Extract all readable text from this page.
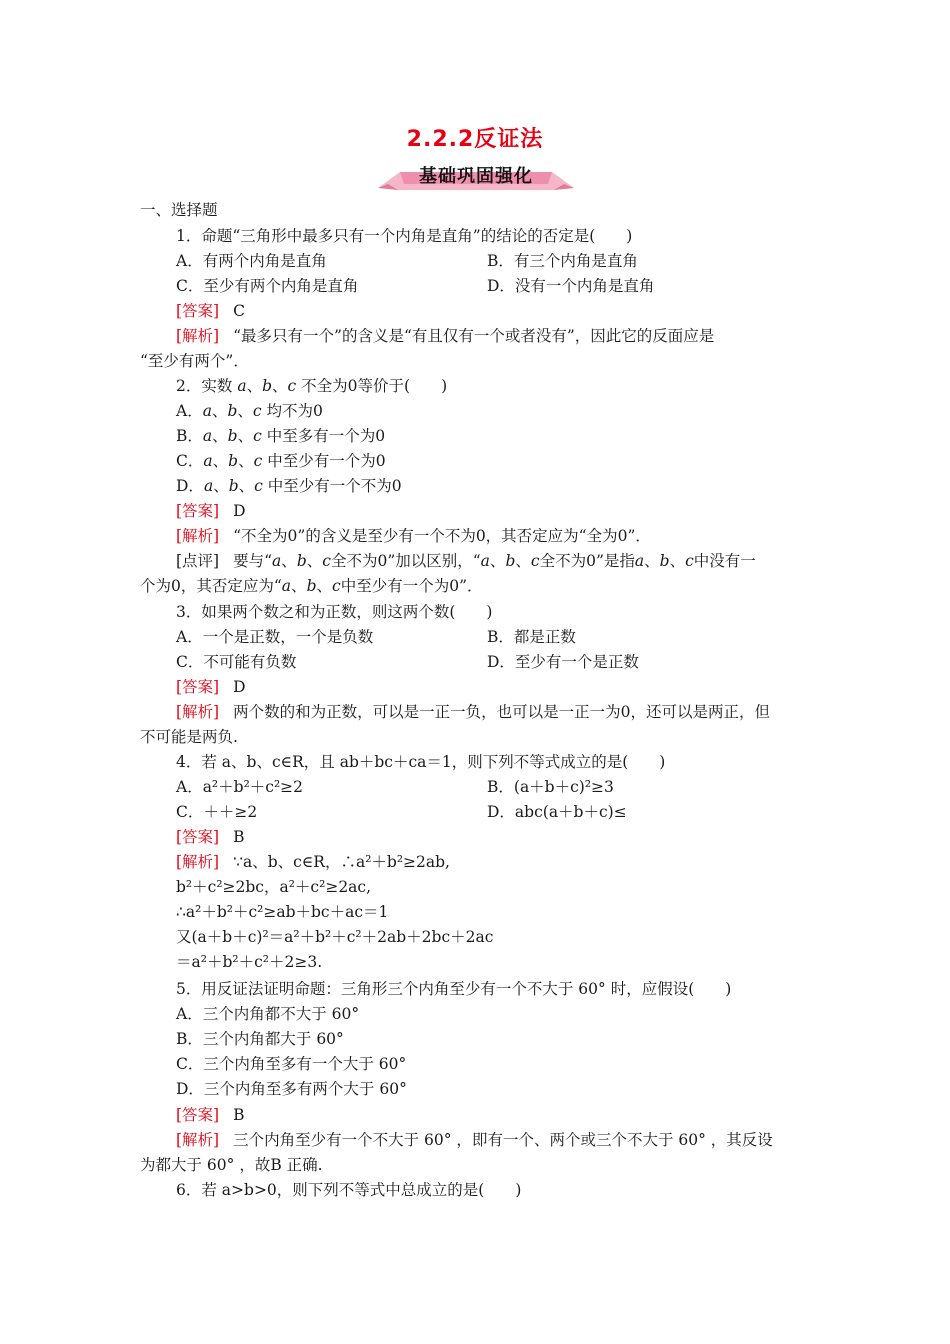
2.2.2反证法
基础巩固强化
一、选择题
1．命题“三角形中最多只有一个内角是直角”的结论的否定是(　　)
A．有两个内角是直角	B．有三个内角是直角
C．至少有两个内角是直角	D．没有一个内角是直角
[答案] C
[解析] “最多只有一个”的含义是“有且仅有一个或者没有”，因此它的反面应是
“至少有两个”．
2．实数 a、b、c 不全为0等价于(　　)
A．a、b、c 均不为0
B．a、b、c 中至多有一个为0
C．a、b、c 中至少有一个为0
D．a、b、c 中至少有一个不为0
[答案] D
[解析] “不全为0”的含义是至少有一个不为0，其否定应为“全为0”．
[点评] 要与“a、b、c全不为0”加以区别，“a、b、c全不为0”是指a、b、c中没有一
个为0，其否定应为“a、b、c中至少有一个为0”．
3．如果两个数之和为正数，则这两个数(　　)
A．一个是正数，一个是负数	B．都是正数
C．不可能有负数	D．至少有一个是正数
[答案] D
[解析] 两个数的和为正数，可以是一正一负，也可以是一正一为0，还可以是两正，但
不可能是两负.
4．若 a、b、c∈R，且 ab＋bc＋ca＝1，则下列不等式成立的是(　　)
A．a²＋b²＋c²≥2	B．(a＋b＋c)²≥3
C．＋＋≥2	D．abc(a＋b＋c)≤
[答案] B
[解析] ∵a、b、c∈R，∴a²＋b²≥2ab,
b²＋c²≥2bc，a²＋c²≥2ac,
∴a²＋b²＋c²≥ab＋bc＋ac＝1
又(a＋b＋c)²＝a²＋b²＋c²＋2ab＋2bc＋2ac
＝a²＋b²＋c²＋2≥3.
5．用反证法证明命题：三角形三个内角至少有一个不大于 60° 时，应假设(　　)
A．三个内角都不大于 60°
B．三个内角都大于 60°
C．三个内角至多有一个大于 60°
D．三个内角至多有两个大于 60°
[答案] B
[解析] 三个内角至少有一个不大于 60° ，即有一个、两个或三个不大于 60° ，其反设
为都大于 60° ，故B 正确.
6．若 a>b>0，则下列不等式中总成立的是(　　)
